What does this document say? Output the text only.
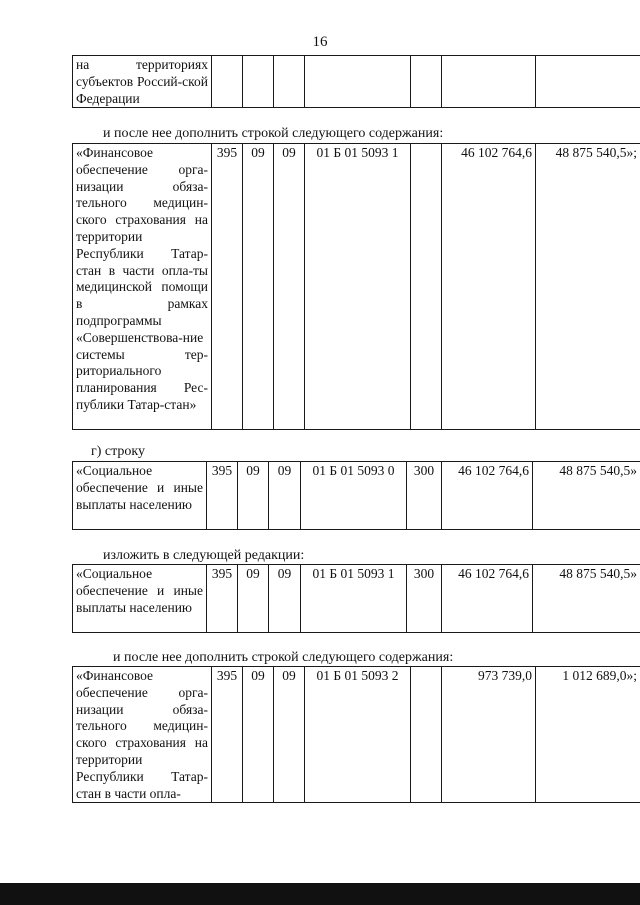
16
на территориях субъектов Россий-ской Федерации							
и после нее дополнить строкой следующего содержания:
«Финансовое обеспечение орга-низации обяза-тельного медицин-ского страхования на территории Республики Татар-стан в части опла-ты медицинской помощи в рамках подпрограммы «Совершенствова-ние системы тер-риториального планирования Рес-публики Татар-стан»	395	09	09	01 Б 01 5093 1		46 102 764,6	48 875 540,5»;
г) строку
«Социальное обеспечение и иные выплаты населению	395	09	09	01 Б 01 5093 0	300	46 102 764,6	48 875 540,5»
изложить в следующей редакции:
«Социальное обеспечение и иные выплаты населению	395	09	09	01 Б 01 5093 1	300	46 102 764,6	48 875 540,5»
и после нее дополнить строкой следующего содержания:
«Финансовое обеспечение орга-низации обяза-тельного медицин-ского страхования на территории Республики Татар-стан в части опла-	395	09	09	01 Б 01 5093 2		973 739,0	1 012 689,0»;
